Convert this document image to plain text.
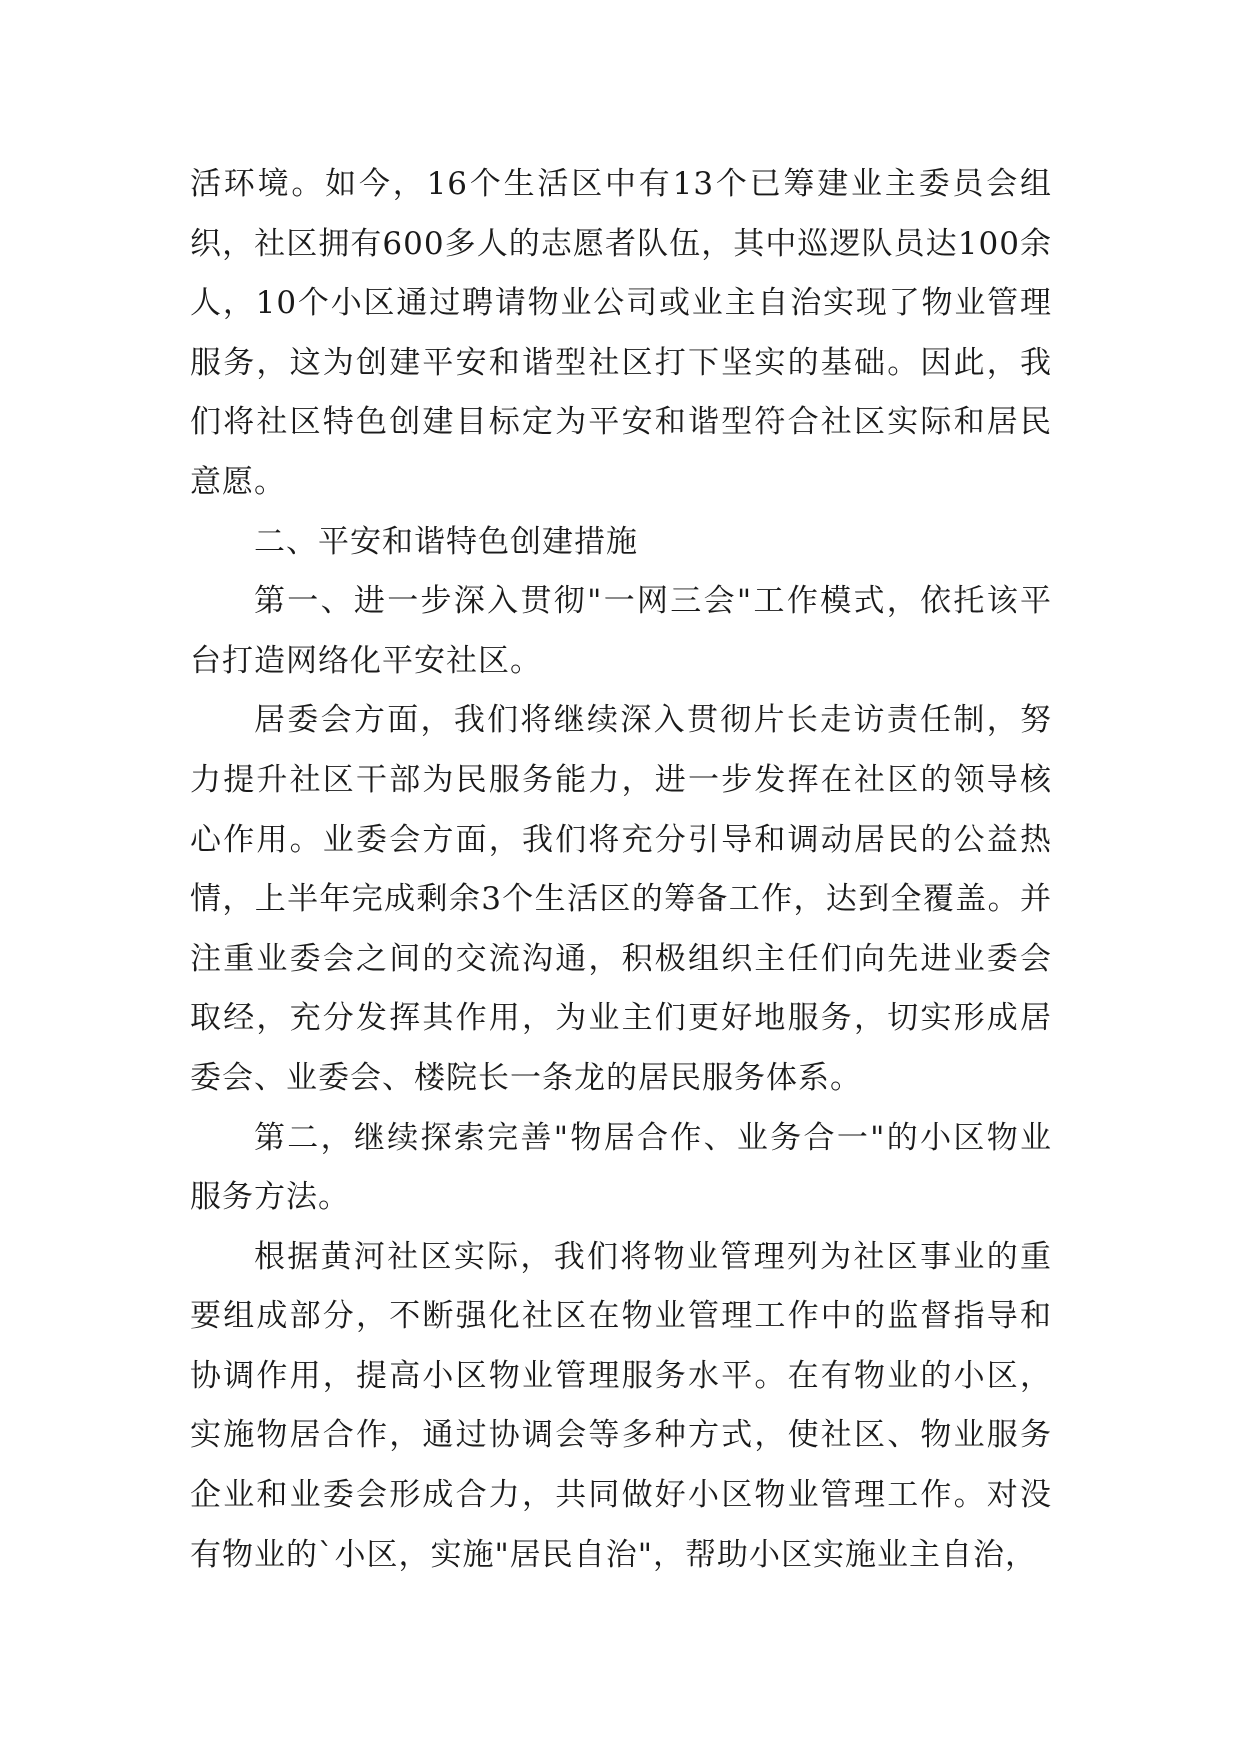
活环境。如今，16个生活区中有13个已筹建业主委员会组织，社区拥有600多人的志愿者队伍，其中巡逻队员达100余人，10个小区通过聘请物业公司或业主自治实现了物业管理服务，这为创建平安和谐型社区打下坚实的基础。因此，我们将社区特色创建目标定为平安和谐型符合社区实际和居民意愿。

二、平安和谐特色创建措施

第一、进一步深入贯彻"一网三会"工作模式，依托该平台打造网络化平安社区。

居委会方面，我们将继续深入贯彻片长走访责任制，努力提升社区干部为民服务能力，进一步发挥在社区的领导核心作用。业委会方面，我们将充分引导和调动居民的公益热情，上半年完成剩余3个生活区的筹备工作，达到全覆盖。并注重业委会之间的交流沟通，积极组织主任们向先进业委会取经，充分发挥其作用，为业主们更好地服务，切实形成居委会、业委会、楼院长一条龙的居民服务体系。

第二，继续探索完善"物居合作、业务合一"的小区物业服务方法。

根据黄河社区实际，我们将物业管理列为社区事业的重要组成部分，不断强化社区在物业管理工作中的监督指导和协调作用，提高小区物业管理服务水平。在有物业的小区，实施物居合作，通过协调会等多种方式，使社区、物业服务企业和业委会形成合力，共同做好小区物业管理工作。对没有物业的`小区，实施"居民自治"，帮助小区实施业主自治，
